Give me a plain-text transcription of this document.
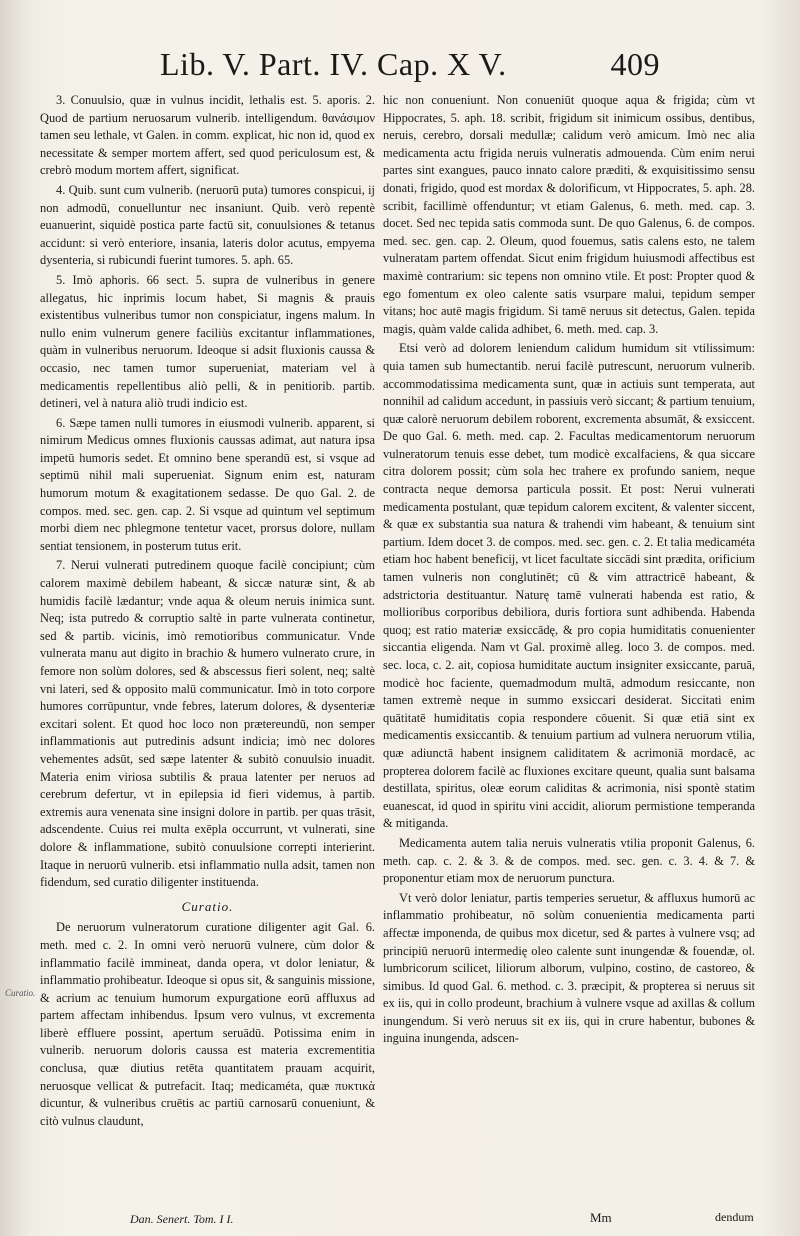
Lib. V. Part. IV. Cap. X V.	409
Curatio.

3. Conuulsio, quæ in vulnus incidit, lethalis est. 5. aporis. 2. Quod de partium neruosarum vulnerib. intelligendum. θανάσιμον tamen seu lethale, vt Galen. in comm. explicat, hic non id, quod ex necessitate & semper mortem affert, sed quod periculosum est, & crebrò modum mortem affert, significat.

4. Quib. sunt cum vulnerib. (neruorū puta) tumores conspicui, ij non admodū, conuelluntur nec insaniunt. Quib. verò repentè euanuerint, siquidè postica parte factū sit, conuulsiones & tetanus accidunt: si verò enteriore, insania, lateris dolor acutus, empyema dysenteria, si rubicundi fuerint tumores. 5. aph. 65.

5. Imò aphoris. 66 sect. 5. supra de vulneribus in genere allegatus, hic inprimis locum habet, Si magnis & prauis existentibus vulneribus tumor non conspiciatur, ingens malum. In nullo enim vulnerum genere faciliùs excitantur inflammationes, quàm in vulneribus neruorum. Ideoque si adsit fluxionis caussa & occasio, nec tamen tumor superueniat, materiam vel à medicamentis repellentibus aliò pelli, & in penitiorib. partib. detineri, vel à natura aliò trudi indicio est.

6. Sæpe tamen nulli tumores in eiusmodi vulnerib. apparent, si nimirum Medicus omnes fluxionis caussas adimat, aut natura ipsa impetū humoris sedet. Et omnino bene sperandū est, si vsque ad septimū nihil mali superueniat. Signum enim est, naturam humorum motum & exagitationem sedasse. De quo Gal. 2. de compos. med. sec. gen. cap. 2. Si vsque ad quintum vel septimum morbi diem nec phlegmone tentetur vacet, prorsus dolore, nullam sentiat tensionem, in posterum tutus erit.

7. Nerui vulnerati putredinem quoque facilè concipiunt; cùm calorem maximè debilem habeant, & siccæ naturæ sint, & ab humidis facilè lædantur; vnde aqua & oleum neruis inimica sunt. Neq; ista putredo & corruptio saltè in parte vulnerata continetur, sed & partib. vicinis, imò remotioribus communicatur. Vnde vulnerata manu aut digito in brachio & humero vulnerato crure, in femore non solùm dolores, sed & abscessus fieri solent, neq; saltè vni lateri, sed & opposito malū communicatur. Imò in toto corpore humores corrūpuntur, vnde febres, laterum dolores, & dysenteriæ excitari solent. Et quod hoc loco non prætereundū, non semper inflammationis aut putredinis adsunt indicia; imò nec dolores vehementes adsūt, sed sæpe latenter & subitò conuulsio inuadit. Materia enim viriosa subtilis & praua latenter per neruos ad cerebrum defertur, vt in epilepsia id fieri videmus, à partib. extremis aura venenata sine insigni dolore in partib. per quas trāsit, adscendente. Cuius rei multa exēpla occurrunt, vt vulnerati, sine dolore & inflammatione, subitò conuulsione correpti interierint. Itaque in neruorū vulnerib. etsi inflammatio nulla adsit, tamen non fidendum, sed curatio diligenter instituenda.

Curatio.

De neruorum vulneratorum curatione diligenter agit Gal. 6. meth. med c. 2. In omni verò neruorū vulnere, cùm dolor & inflammatio facilè immineat, danda opera, vt dolor leniatur, & inflammatio prohibeatur. Ideoque si opus sit, & sanguinis missione, & acrium ac tenuium humorum expurgatione eorū affluxus ad partem affectam inhibendus. Ipsum vero vulnus, vt excrementa liberè effluere possint, apertum seruādū. Potissima enim in vulnerib. neruorum doloris caussa est materia excrementitia conclusa, quæ diutius retēta quantitatem prauam acquirit, neruosque vellicat & putrefacit. Itaq; medicaméta, quæ πυκτικὰ dicuntur, & vulneribus cruētis ac partiū carnosarū conueniunt, & citò vulnus claudunt,

hic non conueniunt. Non conueniūt quoque aqua & frigida; cùm vt Hippocrates, 5. aph. 18. scribit, frigidum sit inimicum ossibus, dentibus, neruis, cerebro, dorsali medullæ; calidum verò amicum. Imò nec alia medicamenta actu frigida neruis vulneratis admouenda. Cùm enim nerui partes sint exangues, pauco innato calore præditi, & exquisitissimo sensu donati, frigido, quod est mordax & dolorificum, vt Hippocrates, 5. aph. 28. scribit, facillimè offenduntur; vt etiam Galenus, 6. meth. med. cap. 3. docet. Sed nec tepida satis commoda sunt. De quo Galenus, 6. de compos. med. sec. gen. cap. 2. Oleum, quod fouemus, satis calens esto, ne talem vulneratam partem offendat. Sicut enim frigidum huiusmodi affectibus est maximè contrarium: sic tepens non omnino vtile. Et post: Propter quod & ego fomentum ex oleo calente satis vsurpare malui, tepidum semper vitans; hoc autē magis frigidum. Si tamē neruus sit detectus, Galen. tepida magis, quàm valde calida adhibet, 6. meth. med. cap. 3.

Etsi verò ad dolorem leniendum calidum humidum sit vtilissimum: quia tamen sub humectantib. nerui facilè putrescunt, neruorum vulnerib. accommodatissima medicamenta sunt, quæ in actiuis sunt temperata, aut nonnihil ad calidum accedunt, in passiuis verò siccant; & partium tenuium, quæ calorè neruorum debilem roborent, excrementa absumāt, & exsiccent. De quo Gal. 6. meth. med. cap. 2. Facultas medicamentorum neruorum vulneratorum tenuis esse debet, tum modicè excalfaciens, & qua siccare citra dolorem possit; cùm sola hec trahere ex profundo saniem, neque contracta neque demorsa particula possit. Et post: Nerui vulnerati medicamenta postulant, quæ tepidum calorem excitent, & valenter siccent, & quæ ex substantia sua natura & trahendi vim habeant, & tenuium sint partium. Idem docet 3. de compos. med. sec. gen. c. 2. Et talia medicaméta etiam hoc habent beneficij, vt licet facultate siccādi sint prædita, orificium tamen vulneris non conglutinēt; cū & vim attractricē habeant, & adstrictoria destituantur. Naturę tamē vulnerati habenda est ratio, & mollioribus corporibus debiliora, duris fortiora sunt adhibenda. Habenda quoq; est ratio materiæ exsiccādę, & pro copia humiditatis conuenienter siccantia eligenda. Nam vt Gal. proximè alleg. loco 3. de compos. med. sec. loca, c. 2. ait, copiosa humiditate auctum insigniter exsiccante, paruā, modicè hoc faciente, quemadmodum multā, admodum resiccante, non tamen extremè neque in summo exsiccari desiderat. Siccitati enim quātitatē humiditatis copia respondere cōuenit. Si quæ etiā sint ex medicamentis exsiccantib. & tenuium partium ad vulnera neruorum vtilia, quæ adiunctā habent insignem caliditatem & acrimoniā mordacē, ac propterea dolorem facilè ac fluxiones excitare queunt, qualia sunt balsama destillata, spiritus, oleæ eorum caliditas & acrimonia, nisi spontè statim euanescat, id quod in spiritu vini accidit, aliorum permistione temperanda & mitiganda.

Medicamenta autem talia neruis vulneratis vtilia proponit Galenus, 6. meth. cap. c. 2. & 3. & de compos. med. sec. gen. c. 3. 4. & 7. & proponentur etiam mox de neruorum punctura.

Vt verò dolor leniatur, partis temperies seruetur, & affluxus humorū ac inflammatio prohibeatur, nō solùm conuenientia medicamenta parti affectæ imponenda, de quibus mox dicetur, sed & partes à vulnere vsq; ad principiū neruorū intermedię oleo calente sunt inungendæ & fouendæ, ol. lumbricorum scilicet, liliorum alborum, vulpino, costino, de castoreo, & simibus. Id quod Gal. 6. method. c. 3. præcipit, & propterea si neruus sit ex iis, qui in collo prodeunt, brachium à vulnere vsque ad axillas & collum inungendum. Si verò neruus sit ex iis, qui in crure habentur, bubones & inguina inungenda, adscen-

Dan. Senert. Tom. I I.	Mm	dendum
